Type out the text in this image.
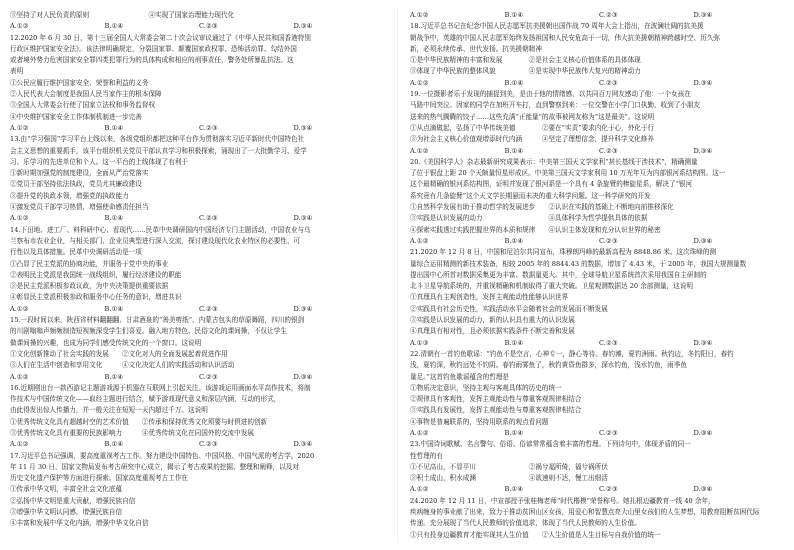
③坚持了对人民负责的原则　　　　　　　　　④实现了国家治理能力现代化
A.①②	B.①④	C.②③	D.③④
12.2020 年 6 月 30 日，第十三届全国人大常委会第二十次会议审议通过了《中华人民共和国香港特别
行政区维护国家安全法》。该法律明确规定，分裂国家罪、颠覆国家政权罪、恐怖活动罪、勾结外国
或者境外势力危害国家安全罪四类犯罪行为的具体构成和相应的刑事责任，警务处所暴乱抗法。这
表明
①公民应履行维护国家安全、荣誉和利益的义务
②人民代表大会制度是我国人民当家作主的根本保障
③全国人大常委会行使了国家立法权和事务监督权
④中央维护国家安全工作体制机制进一步完善
A.①②	B.①④	C.②③	D.③④
13.由“学习强国”学习平台上线以来，各级党组织都把这种平台作为贯彻落实习近平新时代中国特色社
会主义思想的重要抓手，该平台组织机关党员干部认真学习和积极探索，涌现出了一大批勤学习、爱学
习、乐学习的先进单位和个人。这一平台的上线体现了有利于
①新时期加强党的制度建设，全面从严治党落实
②党员干部坚持依法执政，党员尤其廉政建设
③提升党的执政本领，增强党的执政能力
④激发党员干部学习热情，增强使命感责任担当
A.①②	B.①④	C.②③	D.③④
14.下田地、进工厂、料科研中心、看现代……民革中央调研国内中国经济专门主题活动，中国农业与乌
兰察布市农业企业，与相关部门、企业员典型进行深入交流，探讨建设现代化农业特区的必要性、可
行性以及具体措施。民革中央调研活动是一项
①凸显了民主党派的协商功能，并服务于党中央的事业
②表明民主党派是我国统一战线组织，履行经济建设的职能
③是民主党派积极参政议政，为中央决策提供重要依据
④彰显民主党派积极参政和服务中心任务的意识，增进共识
A.①②	B.①④	C.②③	D.③④
15.一段时间以来，陕西省材料翻翻翻、甘肃酒泉的“善美剪纸”、内蒙古包头的草原舞蹈，四川的银剑
的川剧嗡嗡声频频制造短视频深受学生们喜爱。融入地方特色、民俗文化的课间操，不仅让学生
做课间操的兴趣，也成为同学们感受传统文化的一个窗口。这说明
①文化创新推动了社会实践的发展　　②文化对人的全面发展起着促进作用
③人们在生活中创造和享用文化　　　④文化决定人们的实践活动和认识活动
A.①②	B.①④	C.②③	D.③④
16.近期刚出台一款西游记主题游戏源于机器在互联网上引起关注。该游戏运用画面水平高作技术，将制
作技术与中国传统文化——取经主题进行结合，赋予游戏现代意义和深层内涵，互动的形式，
由此得发出惊人传播力，并一般关注在短短一天内超过千万。这说明
①优秀传统文化具有超越时空的艺术价值　　②传承和保持优秀文化须要与时俱进的创新
③优秀传统文化具有重要的民族影响力　　　④优秀传统文化在同国外的交流中发展
A.①②	B.①④	C.②③	D.③④
17.习近平总书记强调，要高度重视考古工作。努力建设中国特色、中国风格、中国气派的考古学。2020
年 11 月 30 日，国家文物局发布考古研究中心成立，揭示了考古成果的挖掘、整理和阐释，以及对
历史文化遗产保护等方面进行探索。国家高度重视考古工作在
①传承中华文明，丰富全社会文化底蕴
②弘扬中华文明是重大贡献，增强民族自信
③增强中华文明认同感，增强民族自信
④丰富和发展中华文化内涵，增强中华文化自信
A.①②	B.①④	C.②③	D.③④
18.习近平总书记在纪念中国人民志愿军抗美援朝出国作战 70 周年大会上指出，在波澜壮阔的抗美援
朝战争中，英雄的中国人民志愿军始终发扬祖国和人民安危高于一切，伟大抗美援朝精神跨越时空、历久弥
新，必须永续传承、世代发扬。抗美援朝精神
①是中华民族精神的丰富和发展　　　　②是社会主义核心价值体系的具体体现
③体现了中华民族的整体风貌　　　　　④是实现中华民族伟大复兴的精神动力
A.①②	B.①④	C.②③	D.③④
19.一位摄影者乐于发现的捕捉到美，是由于他的情绪感，以共同百万网友感动了他：一个女孩在
马路中间突泣。因家的同学在加班开车打，直到警察到来：一位交警在小学门口执勤，收到了小朋友
送来的热气腾腾的饺子……这些充满“正能量”的故事被网友称为“这是最美”。这说明
①从点滴做起，弘扬了中华传统美德　　　　②要在“实责”要求内化于心，外化于行
③为社会主义核心价值观增添时代内涵　　　④坚定了理想信念，提升科学文化修养
A.①②	B.①④	C.②③	D.③④
20.《美国科学人》杂志最新研究成果表示：中美第三国天文学家利“甚长基线干涉技术”，精确测量
了位于银盘上距 20 个天颇量恒星形成区。中美第三国天文学家利用 10 万光年互为内部银河系结构图。这一
这个最精确的银河系结构图，证明并发现了银河系是一个具有 4 条旋臂的棒旋星系，解决了“银河
系究竟有几条旋臂”这个天文学长期悬而未决的重大科学问题。这一科学研究的开发
①自然科学发展有助于推动哲学的发展进步　　②认识在实践的基础上不断地向前推移深化
③实践是认识发展的动力　　　　　　　　　　④具体科学为哲学提供具体的依据
④探索实践透过实践把握世界的本质和规律　　④认识主体发现和充分认识世界的秘密
A.①②	B.①④	C.②③	D.③④
21.2020 年 12 月 8 日，中国和尼泊尔共同宣布，珠穆朗玛峰的最新高程为 8848.86 米。这次珠峰的测
量综合运用精测的新技术装备，相较 2005 年的 8844.43 的数据，增加了 4.43 米，于 2005 年，我国大规测量数
提出国中心所首对数据采集更为丰富、数据量更大。其中，全球导航卫星系统首次采用我国自主研制的
北斗卫星导航系统的，并重视精确和机制取得了重大突破。卫星观测数据达 20 余部测量，这说明
①真理具有主观创造性，发挥主观能动性能够认识世界
②实践具有社会历史性，实践活动水平会随着社会的发展而不断发展
③实践是认识发展的动力，新的认识具有重大的认识发展
④真理具有相对性，且必须依据实践条件不断完善和发展
A.①③	B.①④	C.②③	D.③④
22.清朝有一首钓鱼歌谣：“钓鱼不是空言，心神专一，静心等待。春钓滩，夏钓洲雨。秋钓边，冬钓阳日，春钓
浅，夏钓深，秋钓远处不钓阴。春钓雨雾鱼了，秋钓黄昏鱼群多，深水钓鱼，浅水钓鱼，雨季鱼
量足。”这首钓鱼歌谣蕴含的哲理是
①物质决定意识，坚持主观与客观具体的历史的统一
②规律具有客观性，发挥主观能动性与尊重客观规律相结合
③实践具有发展性，发挥主观能动性与尊重客观规律相结合
④事物是普遍联系的，坚持用联系的观点看问题
A.①②	B.①④	C.②③	D.③④
23.中国诗词歌赋、名言警句、俗语、俗谚常常蕴含着丰富的哲理。下列诗句中，体现矛盾的同一
性哲理的有
①不见高山，不显平川　　　　　　　　②祸兮福所倚，福兮祸所伏
③积土成山，积水成渊　　　　　　　　④欲速则不达，慢工出细活
A.①②	B.①④	C.②③	D.③④
24.2020 年 12 月 11 日，中宣部授予张桂梅老师“时代楷模”荣誉称号。她扎根边疆教育一线 40 余年，
疾病缠身的事业献了出来，致力于推动贫困山区女孩，用爱心和智慧点亮大山里女孩们的人生梦想，用教育阻断贫困代际
传递。充分展现了当代人民教师的价值追求，体现了当代人民教师的人生价值。
①只有投身边疆教育才能实现其人生价值　　②人生价值是人生目标与自我价值的统一
